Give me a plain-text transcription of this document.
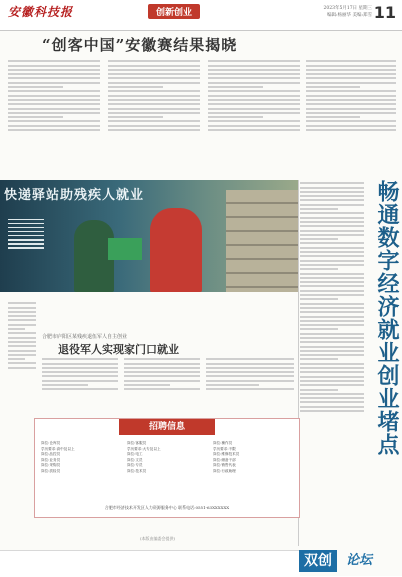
安徽科技报	创新创业	2023年5月17日 星期三
编辑:杨丽华 美编:郑雪 11
“创客中国”安徽赛结果揭晓
快递驿站助残疾人就业	畅通数字经济就业创业堵点
合肥市庐阳区某残疾退伍军人自主创业
退役军人实现家门口就业
招聘信息
岗位:仓库员	岗位:客服员	岗位:操作员
学历要求:高中及以上	学历要求:大专及以上	学历要求:不限
岗位:品控员	岗位:电工	岗位:维修技术员
岗位:业务员	岗位:文员	岗位:储备干部
岗位:采购员	岗位:专员	岗位:销售代表
岗位:质检员	岗位:技术员	岗位:行政助理
合肥市经济技术开发区人力资源服务中心 联系电话:0551-63XXXXXX
(本版由编委会提供)
双创	论坛
